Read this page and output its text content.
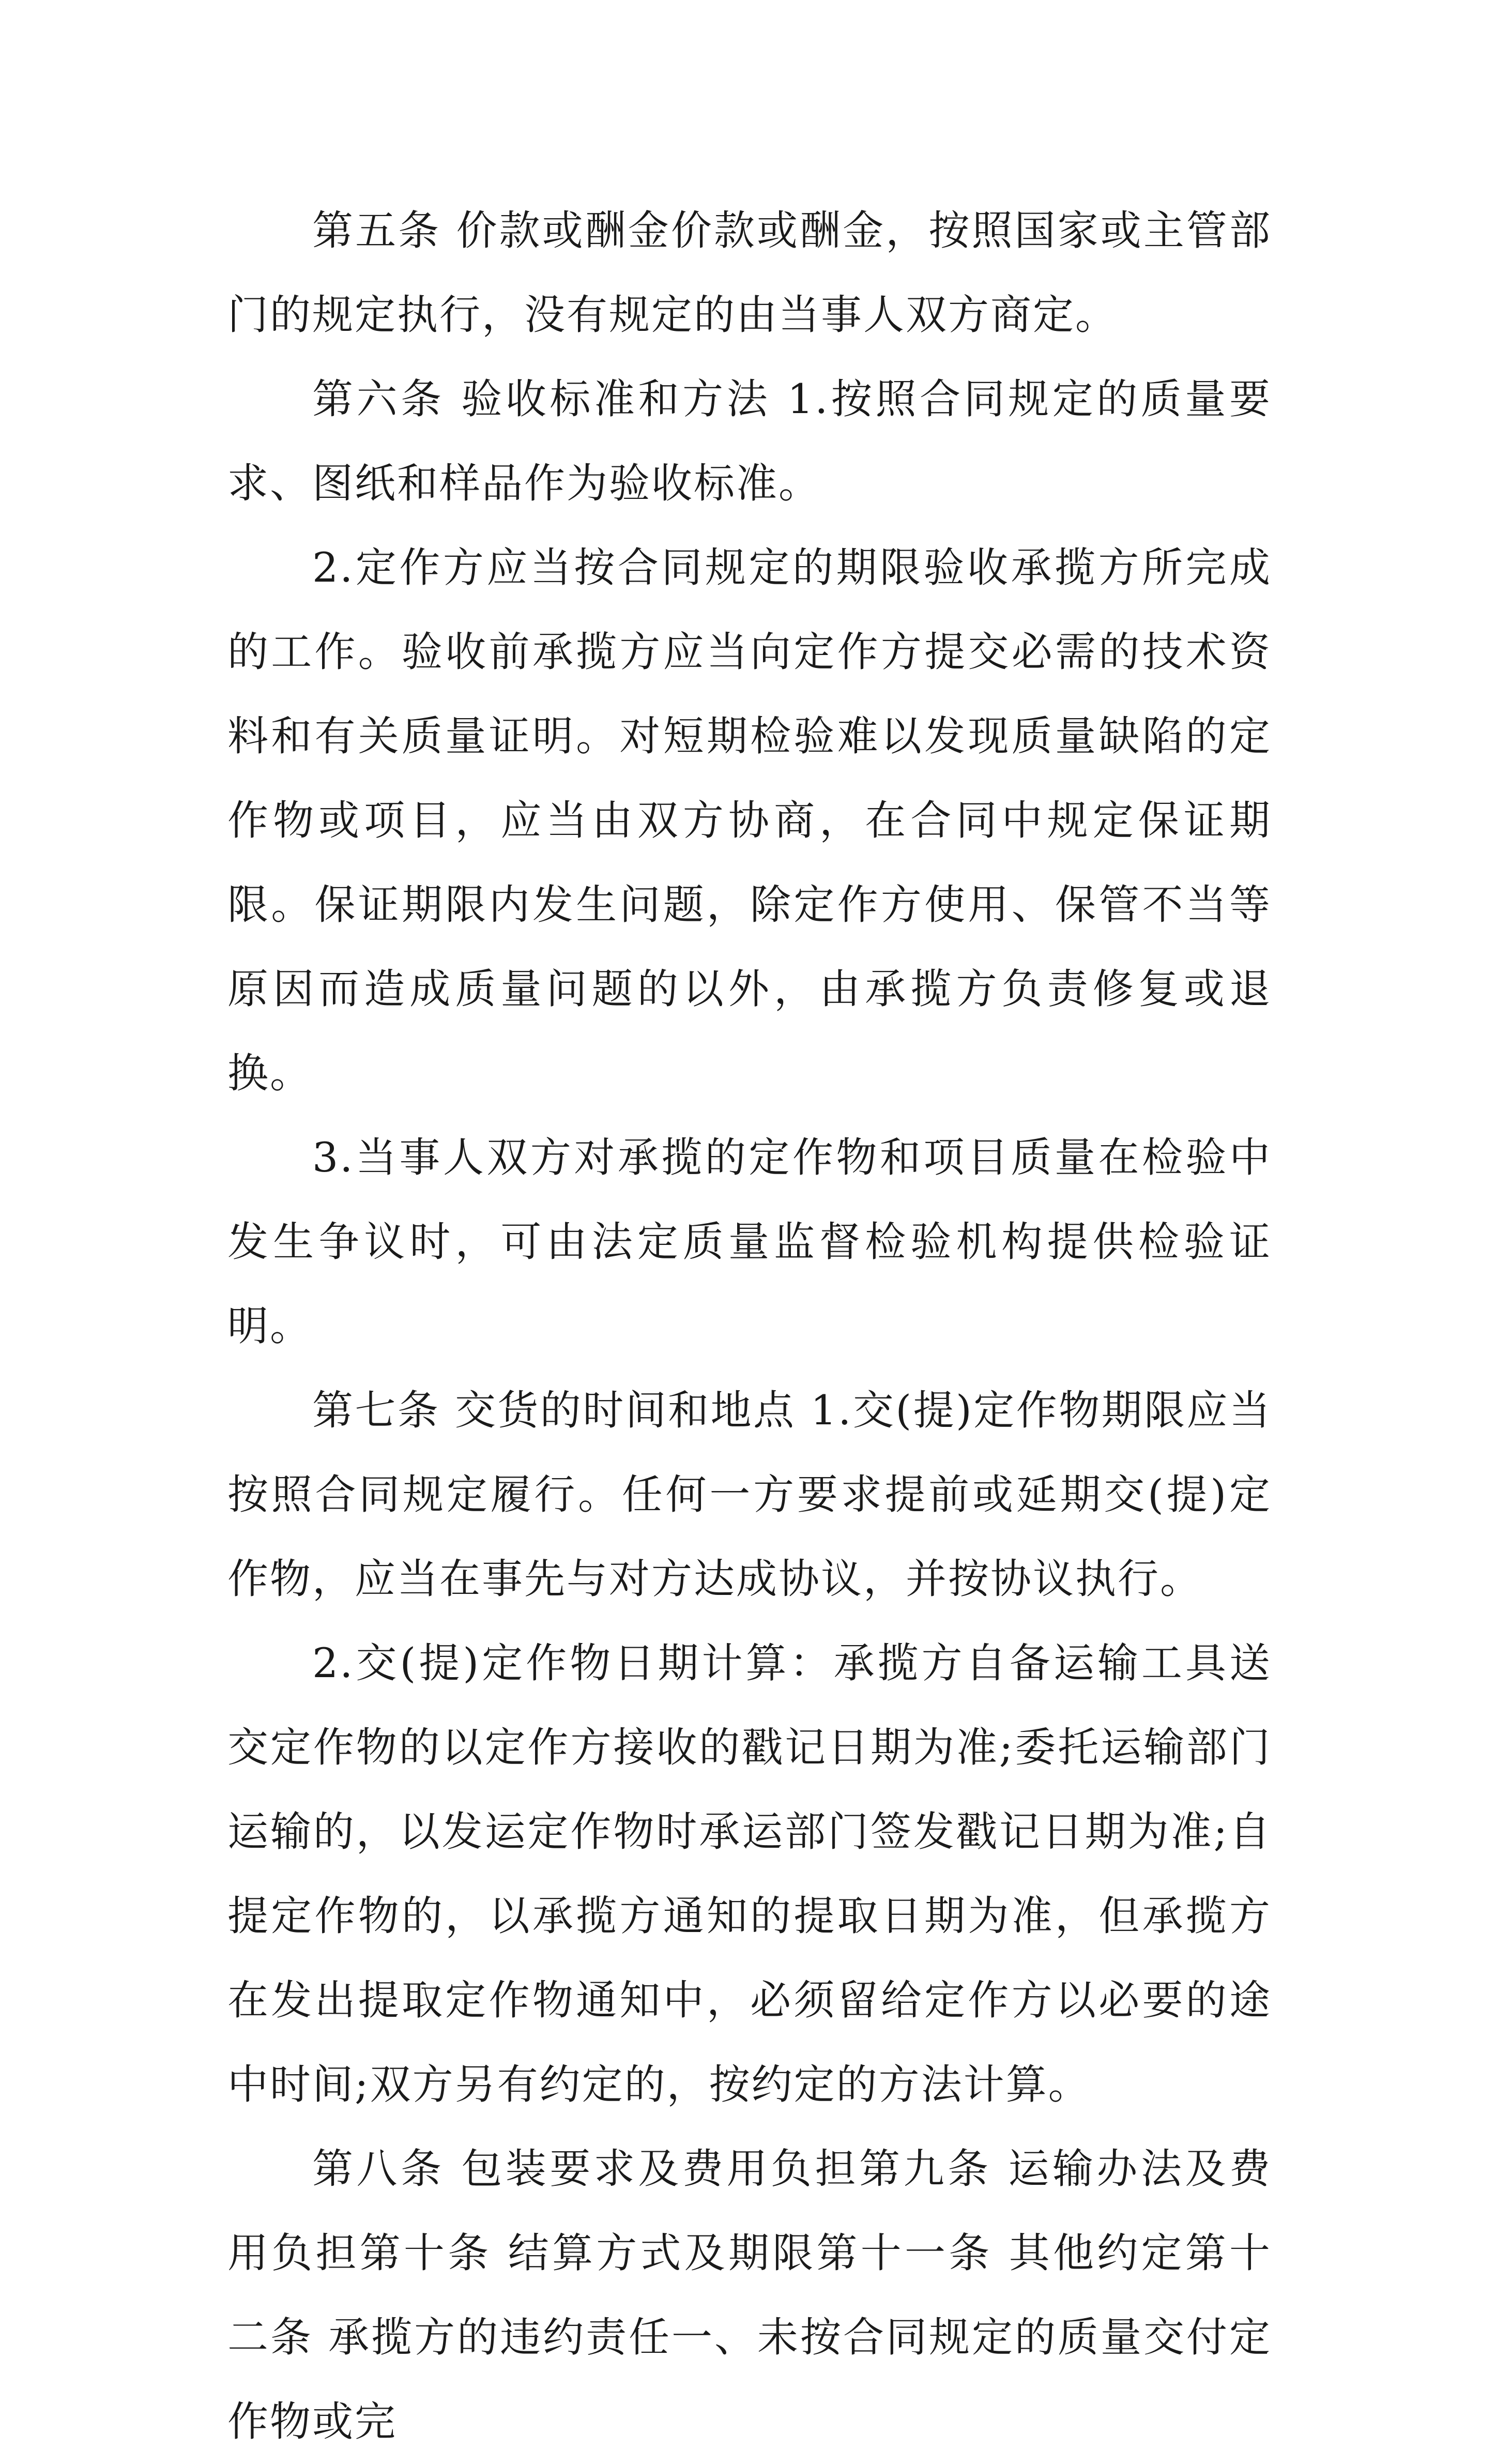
第五条 价款或酬金价款或酬金，按照国家或主管部门的规定执行，没有规定的由当事人双方商定。

第六条 验收标准和方法 1.按照合同规定的质量要求、图纸和样品作为验收标准。

2.定作方应当按合同规定的期限验收承揽方所完成的工作。验收前承揽方应当向定作方提交必需的技术资料和有关质量证明。对短期检验难以发现质量缺陷的定作物或项目，应当由双方协商，在合同中规定保证期限。保证期限内发生问题，除定作方使用、保管不当等原因而造成质量问题的以外，由承揽方负责修复或退换。

3.当事人双方对承揽的定作物和项目质量在检验中发生争议时，可由法定质量监督检验机构提供检验证明。

第七条 交货的时间和地点 1.交(提)定作物期限应当按照合同规定履行。任何一方要求提前或延期交(提)定作物，应当在事先与对方达成协议，并按协议执行。

2.交(提)定作物日期计算：承揽方自备运输工具送交定作物的以定作方接收的戳记日期为准;委托运输部门运输的，以发运定作物时承运部门签发戳记日期为准;自提定作物的，以承揽方通知的提取日期为准，但承揽方在发出提取定作物通知中，必须留给定作方以必要的途中时间;双方另有约定的，按约定的方法计算。

第八条 包装要求及费用负担第九条 运输办法及费用负担第十条 结算方式及期限第十一条 其他约定第十二条 承揽方的违约责任一、未按合同规定的质量交付定作物或完
